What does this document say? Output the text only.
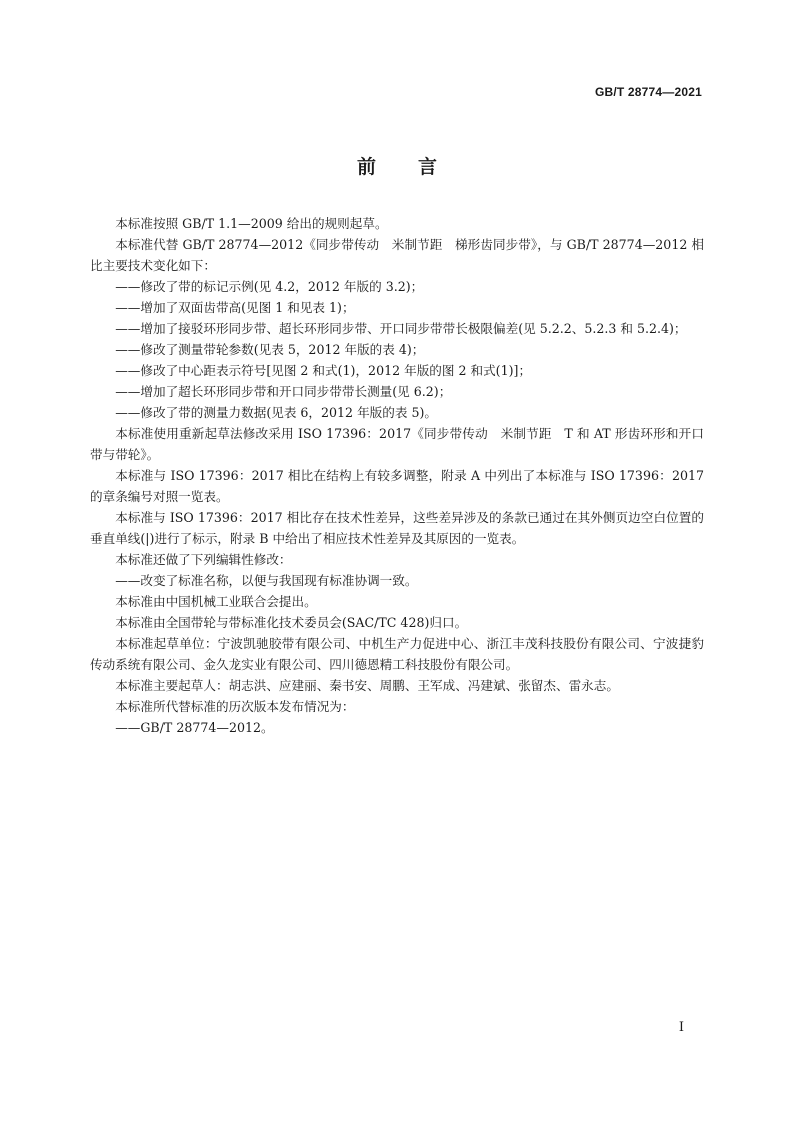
GB/T 28774—2021
前言

本标准按照 GB/T 1.1—2009 给出的规则起草。

本标准代替 GB/T 28774—2012《同步带传动　米制节距　梯形齿同步带》，与 GB/T 28774—2012 相比主要技术变化如下：

——修改了带的标记示例(见 4.2，2012 年版的 3.2)；

——增加了双面齿带高(见图 1 和见表 1)；

——增加了接驳环形同步带、超长环形同步带、开口同步带带长极限偏差(见 5.2.2、5.2.3 和 5.2.4)；

——修改了测量带轮参数(见表 5，2012 年版的表 4)；

——修改了中心距表示符号[见图 2 和式(1)，2012 年版的图 2 和式(1)]；

——增加了超长环形同步带和开口同步带带长测量(见 6.2)；

——修改了带的测量力数据(见表 6，2012 年版的表 5)。

本标准使用重新起草法修改采用 ISO 17396：2017《同步带传动　米制节距　T 和 AT 形齿环形和开口带与带轮》。

本标准与 ISO 17396：2017 相比在结构上有较多调整，附录 A 中列出了本标准与 ISO 17396：2017 的章条编号对照一览表。

本标准与 ISO 17396：2017 相比存在技术性差异，这些差异涉及的条款已通过在其外侧页边空白位置的垂直单线(|)进行了标示，附录 B 中给出了相应技术性差异及其原因的一览表。

本标准还做了下列编辑性修改：

——改变了标准名称，以便与我国现有标准协调一致。

本标准由中国机械工业联合会提出。

本标准由全国带轮与带标准化技术委员会(SAC/TC 428)归口。

本标准起草单位：宁波凯驰胶带有限公司、中机生产力促进中心、浙江丰茂科技股份有限公司、宁波捷豹传动系统有限公司、金久龙实业有限公司、四川德恩精工科技股份有限公司。

本标准主要起草人：胡志洪、应建丽、秦书安、周鹏、王军成、冯建斌、张留杰、雷永志。

本标准所代替标准的历次版本发布情况为：

——GB/T 28774—2012。

I
